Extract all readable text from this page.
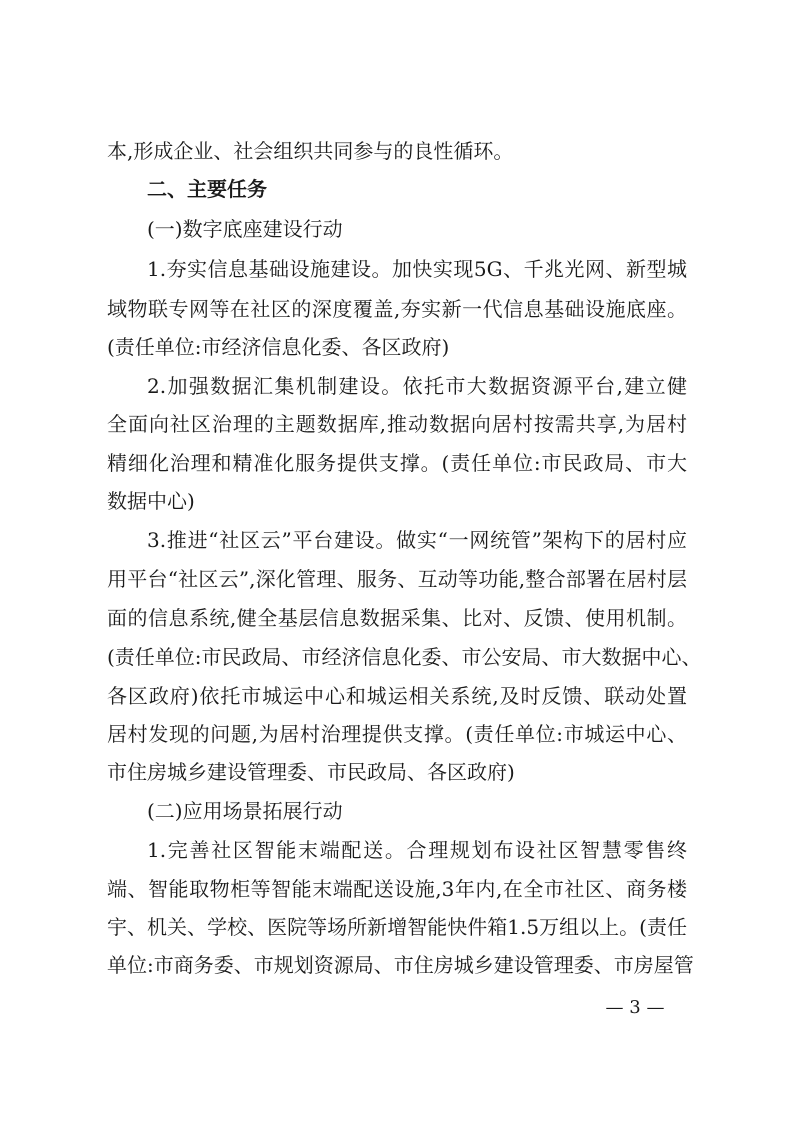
本,形成企业、社会组织共同参与的良性循环。
二、主要任务
(一)数字底座建设行动
1.夯实信息基础设施建设。加快实现5G、千兆光网、新型城
域物联专网等在社区的深度覆盖,夯实新一代信息基础设施底座。
(责任单位:市经济信息化委、各区政府)
2.加强数据汇集机制建设。依托市大数据资源平台,建立健
全面向社区治理的主题数据库,推动数据向居村按需共享,为居村
精细化治理和精准化服务提供支撑。(责任单位:市民政局、市大
数据中心)
3.推进“社区云”平台建设。做实“一网统管”架构下的居村应
用平台“社区云”,深化管理、服务、互动等功能,整合部署在居村层
面的信息系统,健全基层信息数据采集、比对、反馈、使用机制。
(责任单位:市民政局、市经济信息化委、市公安局、市大数据中心、
各区政府)依托市城运中心和城运相关系统,及时反馈、联动处置
居村发现的问题,为居村治理提供支撑。(责任单位:市城运中心、
市住房城乡建设管理委、市民政局、各区政府)
(二)应用场景拓展行动
1.完善社区智能末端配送。合理规划布设社区智慧零售终
端、智能取物柜等智能末端配送设施,3年内,在全市社区、商务楼
宇、机关、学校、医院等场所新增智能快件箱1.5万组以上。(责任
单位:市商务委、市规划资源局、市住房城乡建设管理委、市房屋管
— 3 —
